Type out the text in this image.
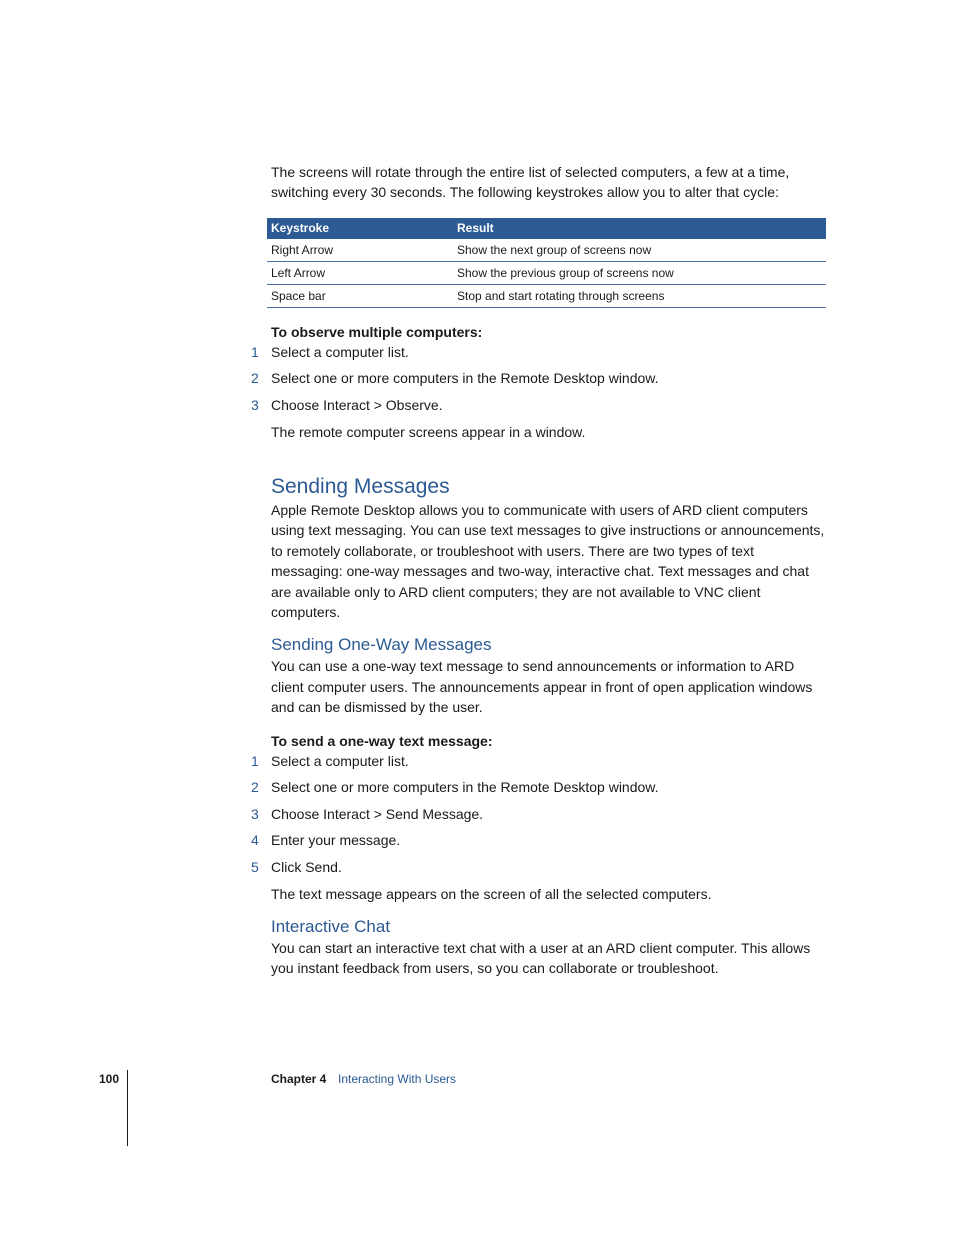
The screens will rotate through the entire list of selected computers, a few at a time, switching every 30 seconds. The following keystrokes allow you to alter that cycle:

Keystroke	Result
Right Arrow	Show the next group of screens now
Left Arrow	Show the previous group of screens now
Space bar	Stop and start rotating through screens

To observe multiple computers:

1 Select a computer list.
2 Select one or more computers in the Remote Desktop window.
3 Choose Interact > Observe.

The remote computer screens appear in a window.

Sending Messages

Apple Remote Desktop allows you to communicate with users of ARD client computers using text messaging. You can use text messages to give instructions or announcements, to remotely collaborate, or troubleshoot with users. There are two types of text messaging: one-way messages and two-way, interactive chat. Text messages and chat are available only to ARD client computers; they are not available to VNC client computers.

Sending One-Way Messages

You can use a one-way text message to send announcements or information to ARD client computer users. The announcements appear in front of open application windows and can be dismissed by the user.

To send a one-way text message:

1 Select a computer list.
2 Select one or more computers in the Remote Desktop window.
3 Choose Interact > Send Message.
4 Enter your message.
5 Click Send.

The text message appears on the screen of all the selected computers.

Interactive Chat

You can start an interactive text chat with a user at an ARD client computer. This allows you instant feedback from users, so you can collaborate or troubleshoot.

100	Chapter 4 Interacting With Users
